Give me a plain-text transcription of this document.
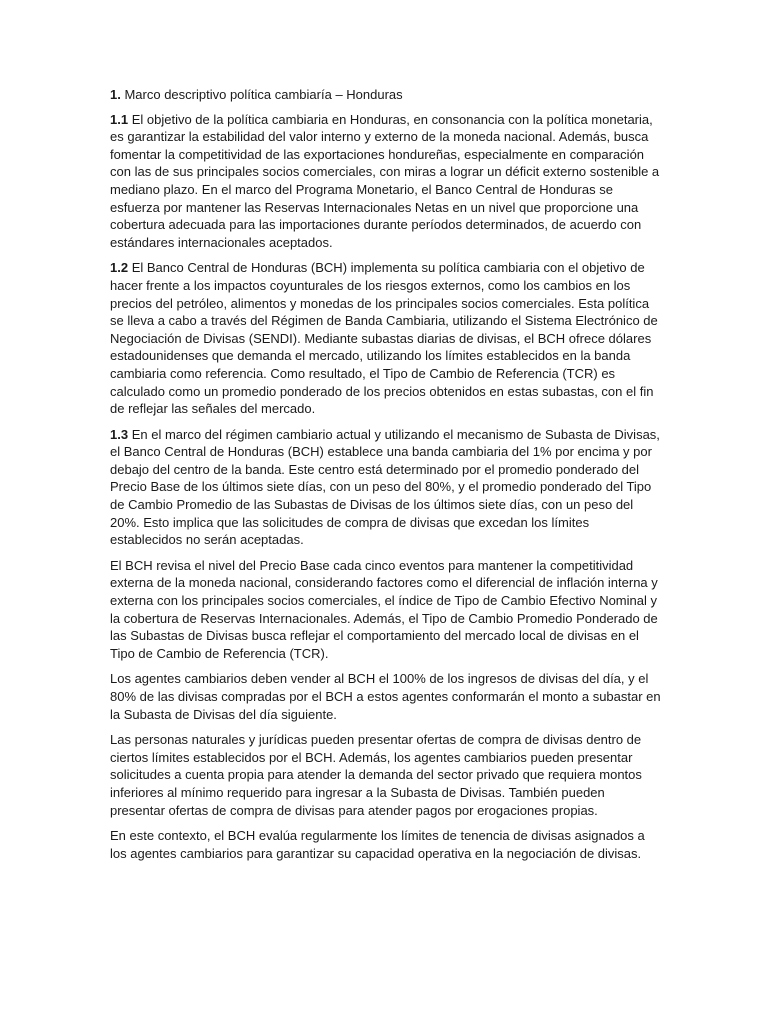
1. Marco descriptivo política cambiaría – Honduras

1.1 El objetivo de la política cambiaria en Honduras, en consonancia con la política monetaria, es garantizar la estabilidad del valor interno y externo de la moneda nacional. Además, busca fomentar la competitividad de las exportaciones hondureñas, especialmente en comparación con las de sus principales socios comerciales, con miras a lograr un déficit externo sostenible a mediano plazo. En el marco del Programa Monetario, el Banco Central de Honduras se esfuerza por mantener las Reservas Internacionales Netas en un nivel que proporcione una cobertura adecuada para las importaciones durante períodos determinados, de acuerdo con estándares internacionales aceptados.

1.2 El Banco Central de Honduras (BCH) implementa su política cambiaria con el objetivo de hacer frente a los impactos coyunturales de los riesgos externos, como los cambios en los precios del petróleo, alimentos y monedas de los principales socios comerciales. Esta política se lleva a cabo a través del Régimen de Banda Cambiaria, utilizando el Sistema Electrónico de Negociación de Divisas (SENDI). Mediante subastas diarias de divisas, el BCH ofrece dólares estadounidenses que demanda el mercado, utilizando los límites establecidos en la banda cambiaria como referencia. Como resultado, el Tipo de Cambio de Referencia (TCR) es calculado como un promedio ponderado de los precios obtenidos en estas subastas, con el fin de reflejar las señales del mercado.

1.3 En el marco del régimen cambiario actual y utilizando el mecanismo de Subasta de Divisas, el Banco Central de Honduras (BCH) establece una banda cambiaria del 1% por encima y por debajo del centro de la banda. Este centro está determinado por el promedio ponderado del Precio Base de los últimos siete días, con un peso del 80%, y el promedio ponderado del Tipo de Cambio Promedio de las Subastas de Divisas de los últimos siete días, con un peso del 20%. Esto implica que las solicitudes de compra de divisas que excedan los límites establecidos no serán aceptadas.

El BCH revisa el nivel del Precio Base cada cinco eventos para mantener la competitividad externa de la moneda nacional, considerando factores como el diferencial de inflación interna y externa con los principales socios comerciales, el índice de Tipo de Cambio Efectivo Nominal y la cobertura de Reservas Internacionales. Además, el Tipo de Cambio Promedio Ponderado de las Subastas de Divisas busca reflejar el comportamiento del mercado local de divisas en el Tipo de Cambio de Referencia (TCR).

Los agentes cambiarios deben vender al BCH el 100% de los ingresos de divisas del día, y el 80% de las divisas compradas por el BCH a estos agentes conformarán el monto a subastar en la Subasta de Divisas del día siguiente.

Las personas naturales y jurídicas pueden presentar ofertas de compra de divisas dentro de ciertos límites establecidos por el BCH. Además, los agentes cambiarios pueden presentar solicitudes a cuenta propia para atender la demanda del sector privado que requiera montos inferiores al mínimo requerido para ingresar a la Subasta de Divisas. También pueden presentar ofertas de compra de divisas para atender pagos por erogaciones propias.

En este contexto, el BCH evalúa regularmente los límites de tenencia de divisas asignados a los agentes cambiarios para garantizar su capacidad operativa en la negociación de divisas.
